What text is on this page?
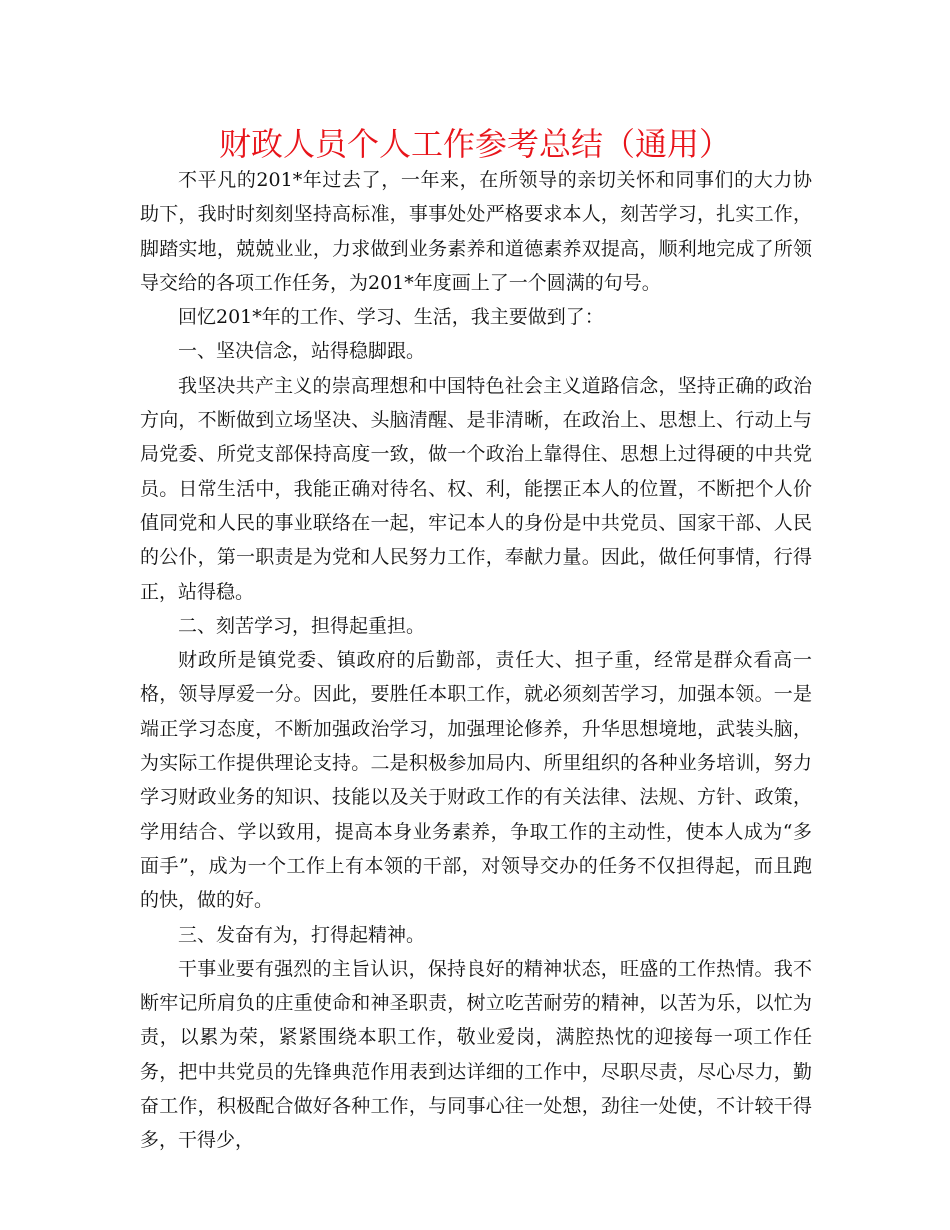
财政人员个人工作参考总结（通用）

不平凡的201*年过去了，一年来，在所领导的亲切关怀和同事们的大力协助下，我时时刻刻坚持高标准，事事处处严格要求本人，刻苦学习，扎实工作，脚踏实地，兢兢业业，力求做到业务素养和道德素养双提高，顺利地完成了所领导交给的各项工作任务，为201*年度画上了一个圆满的句号。

回忆201*年的工作、学习、生活，我主要做到了：

一、坚决信念，站得稳脚跟。

我坚决共产主义的崇高理想和中国特色社会主义道路信念，坚持正确的政治方向，不断做到立场坚决、头脑清醒、是非清晰，在政治上、思想上、行动上与局党委、所党支部保持高度一致，做一个政治上靠得住、思想上过得硬的中共党员。日常生活中，我能正确对待名、权、利，能摆正本人的位置，不断把个人价值同党和人民的事业联络在一起，牢记本人的身份是中共党员、国家干部、人民的公仆，第一职责是为党和人民努力工作，奉献力量。因此，做任何事情，行得正，站得稳。

二、刻苦学习，担得起重担。

财政所是镇党委、镇政府的后勤部，责任大、担子重，经常是群众看高一格，领导厚爱一分。因此，要胜任本职工作，就必须刻苦学习，加强本领。一是端正学习态度，不断加强政治学习，加强理论修养，升华思想境地，武装头脑，为实际工作提供理论支持。二是积极参加局内、所里组织的各种业务培训，努力学习财政业务的知识、技能以及关于财政工作的有关法律、法规、方针、政策，学用结合、学以致用，提高本身业务素养，争取工作的主动性，使本人成为“多面手”，成为一个工作上有本领的干部，对领导交办的任务不仅担得起，而且跑的快，做的好。

三、发奋有为，打得起精神。

干事业要有强烈的主旨认识，保持良好的精神状态，旺盛的工作热情。我不断牢记所肩负的庄重使命和神圣职责，树立吃苦耐劳的精神，以苦为乐，以忙为责，以累为荣，紧紧围绕本职工作，敬业爱岗，满腔热忱的迎接每一项工作任务，把中共党员的先锋典范作用表到达详细的工作中，尽职尽责，尽心尽力，勤奋工作，积极配合做好各种工作，与同事心往一处想，劲往一处使，不计较干得多，干得少，
